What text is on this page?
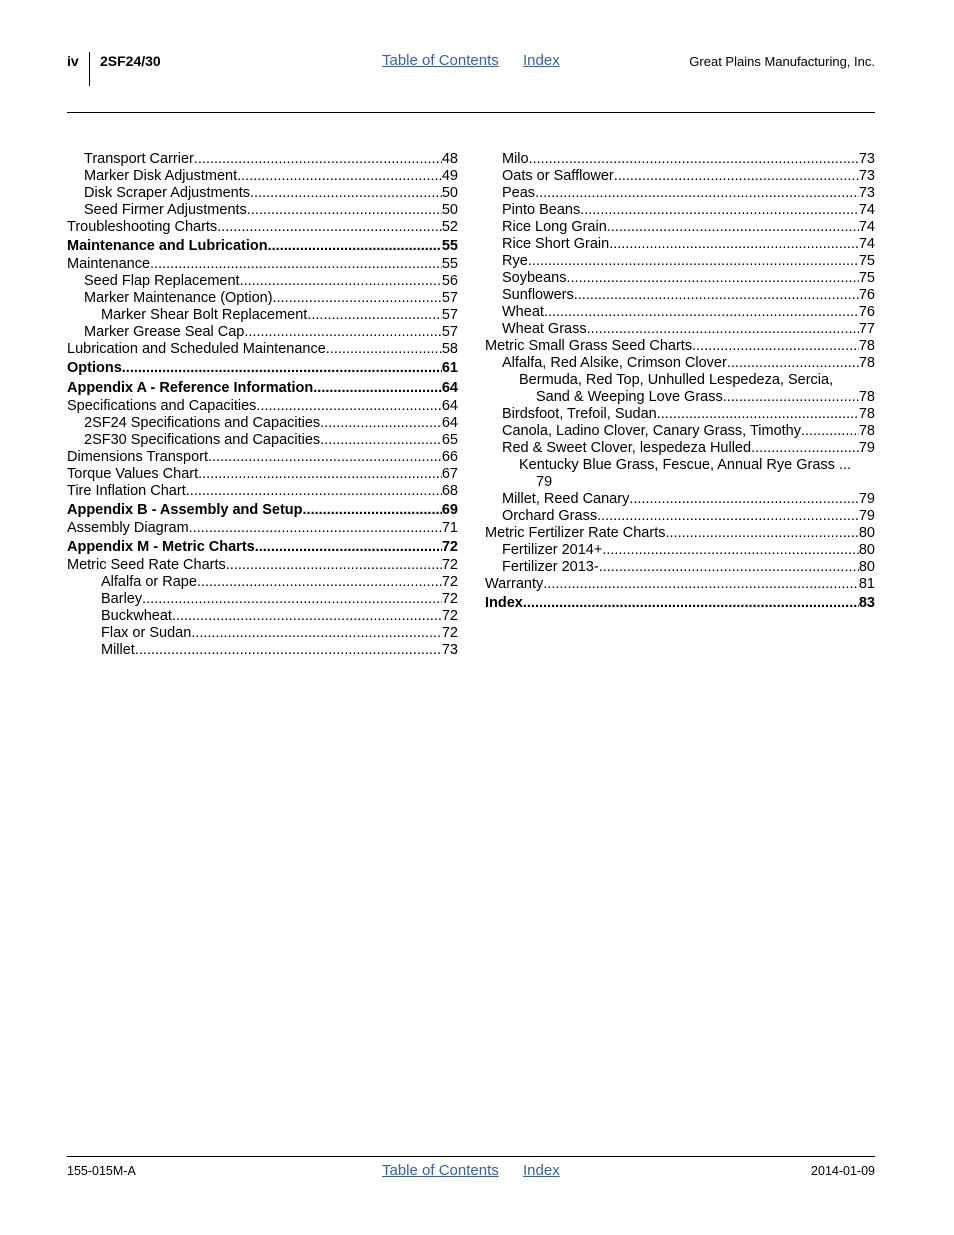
iv 2SF24/30	Table of Contents Index	Great Plains Manufacturing, Inc.
Transport Carrier .....	48
Marker Disk Adjustment .....	49
Disk Scraper Adjustments .....	50
Seed Firmer Adjustments .....	50
Troubleshooting Charts .....	52
Maintenance and Lubrication .....	55
Maintenance .....	55
Seed Flap Replacement .....	56
Marker Maintenance (Option) .....	57
Marker Shear Bolt Replacement .....	57
Marker Grease Seal Cap .....	57
Lubrication and Scheduled Maintenance .....	58
Options .....	61
Appendix A - Reference Information .....	64
Specifications and Capacities .....	64
2SF24 Specifications and Capacities .....	64
2SF30 Specifications and Capacities .....	65
Dimensions Transport .....	66
Torque Values Chart .....	67
Tire Inflation Chart .....	68
Appendix B - Assembly and Setup .....	69
Assembly Diagram .....	71
Appendix M - Metric Charts .....	72
Metric Seed Rate Charts .....	72
Alfalfa or Rape .....	72
Barley .....	72
Buckwheat .....	72
Flax or Sudan .....	72
Millet .....	73
Milo .....	73
Oats or Safflower .....	73
Peas .....	73
Pinto Beans .....	74
Rice Long Grain .....	74
Rice Short Grain .....	74
Rye .....	75
Soybeans .....	75
Sunflowers .....	76
Wheat .....	76
Wheat Grass .....	77
Metric Small Grass Seed Charts .....	78
Alfalfa, Red Alsike, Crimson Clover .....	78
Bermuda, Red Top, Unhulled Lespedeza, Sercia,
Sand & Weeping Love Grass .....	78
Birdsfoot, Trefoil, Sudan .....	78
Canola, Ladino Clover, Canary Grass, Timothy .....	78
Red & Sweet Clover, lespedeza Hulled .....	79
Kentucky Blue Grass, Fescue, Annual Rye Grass ...
79
Millet, Reed Canary .....	79
Orchard Grass .....	79
Metric Fertilizer Rate Charts .....	80
Fertilizer 2014+ .....	80
Fertilizer 2013- .....	80
Warranty .....	81
Index .....	83
155-015M-A	Table of Contents Index	2014-01-09
